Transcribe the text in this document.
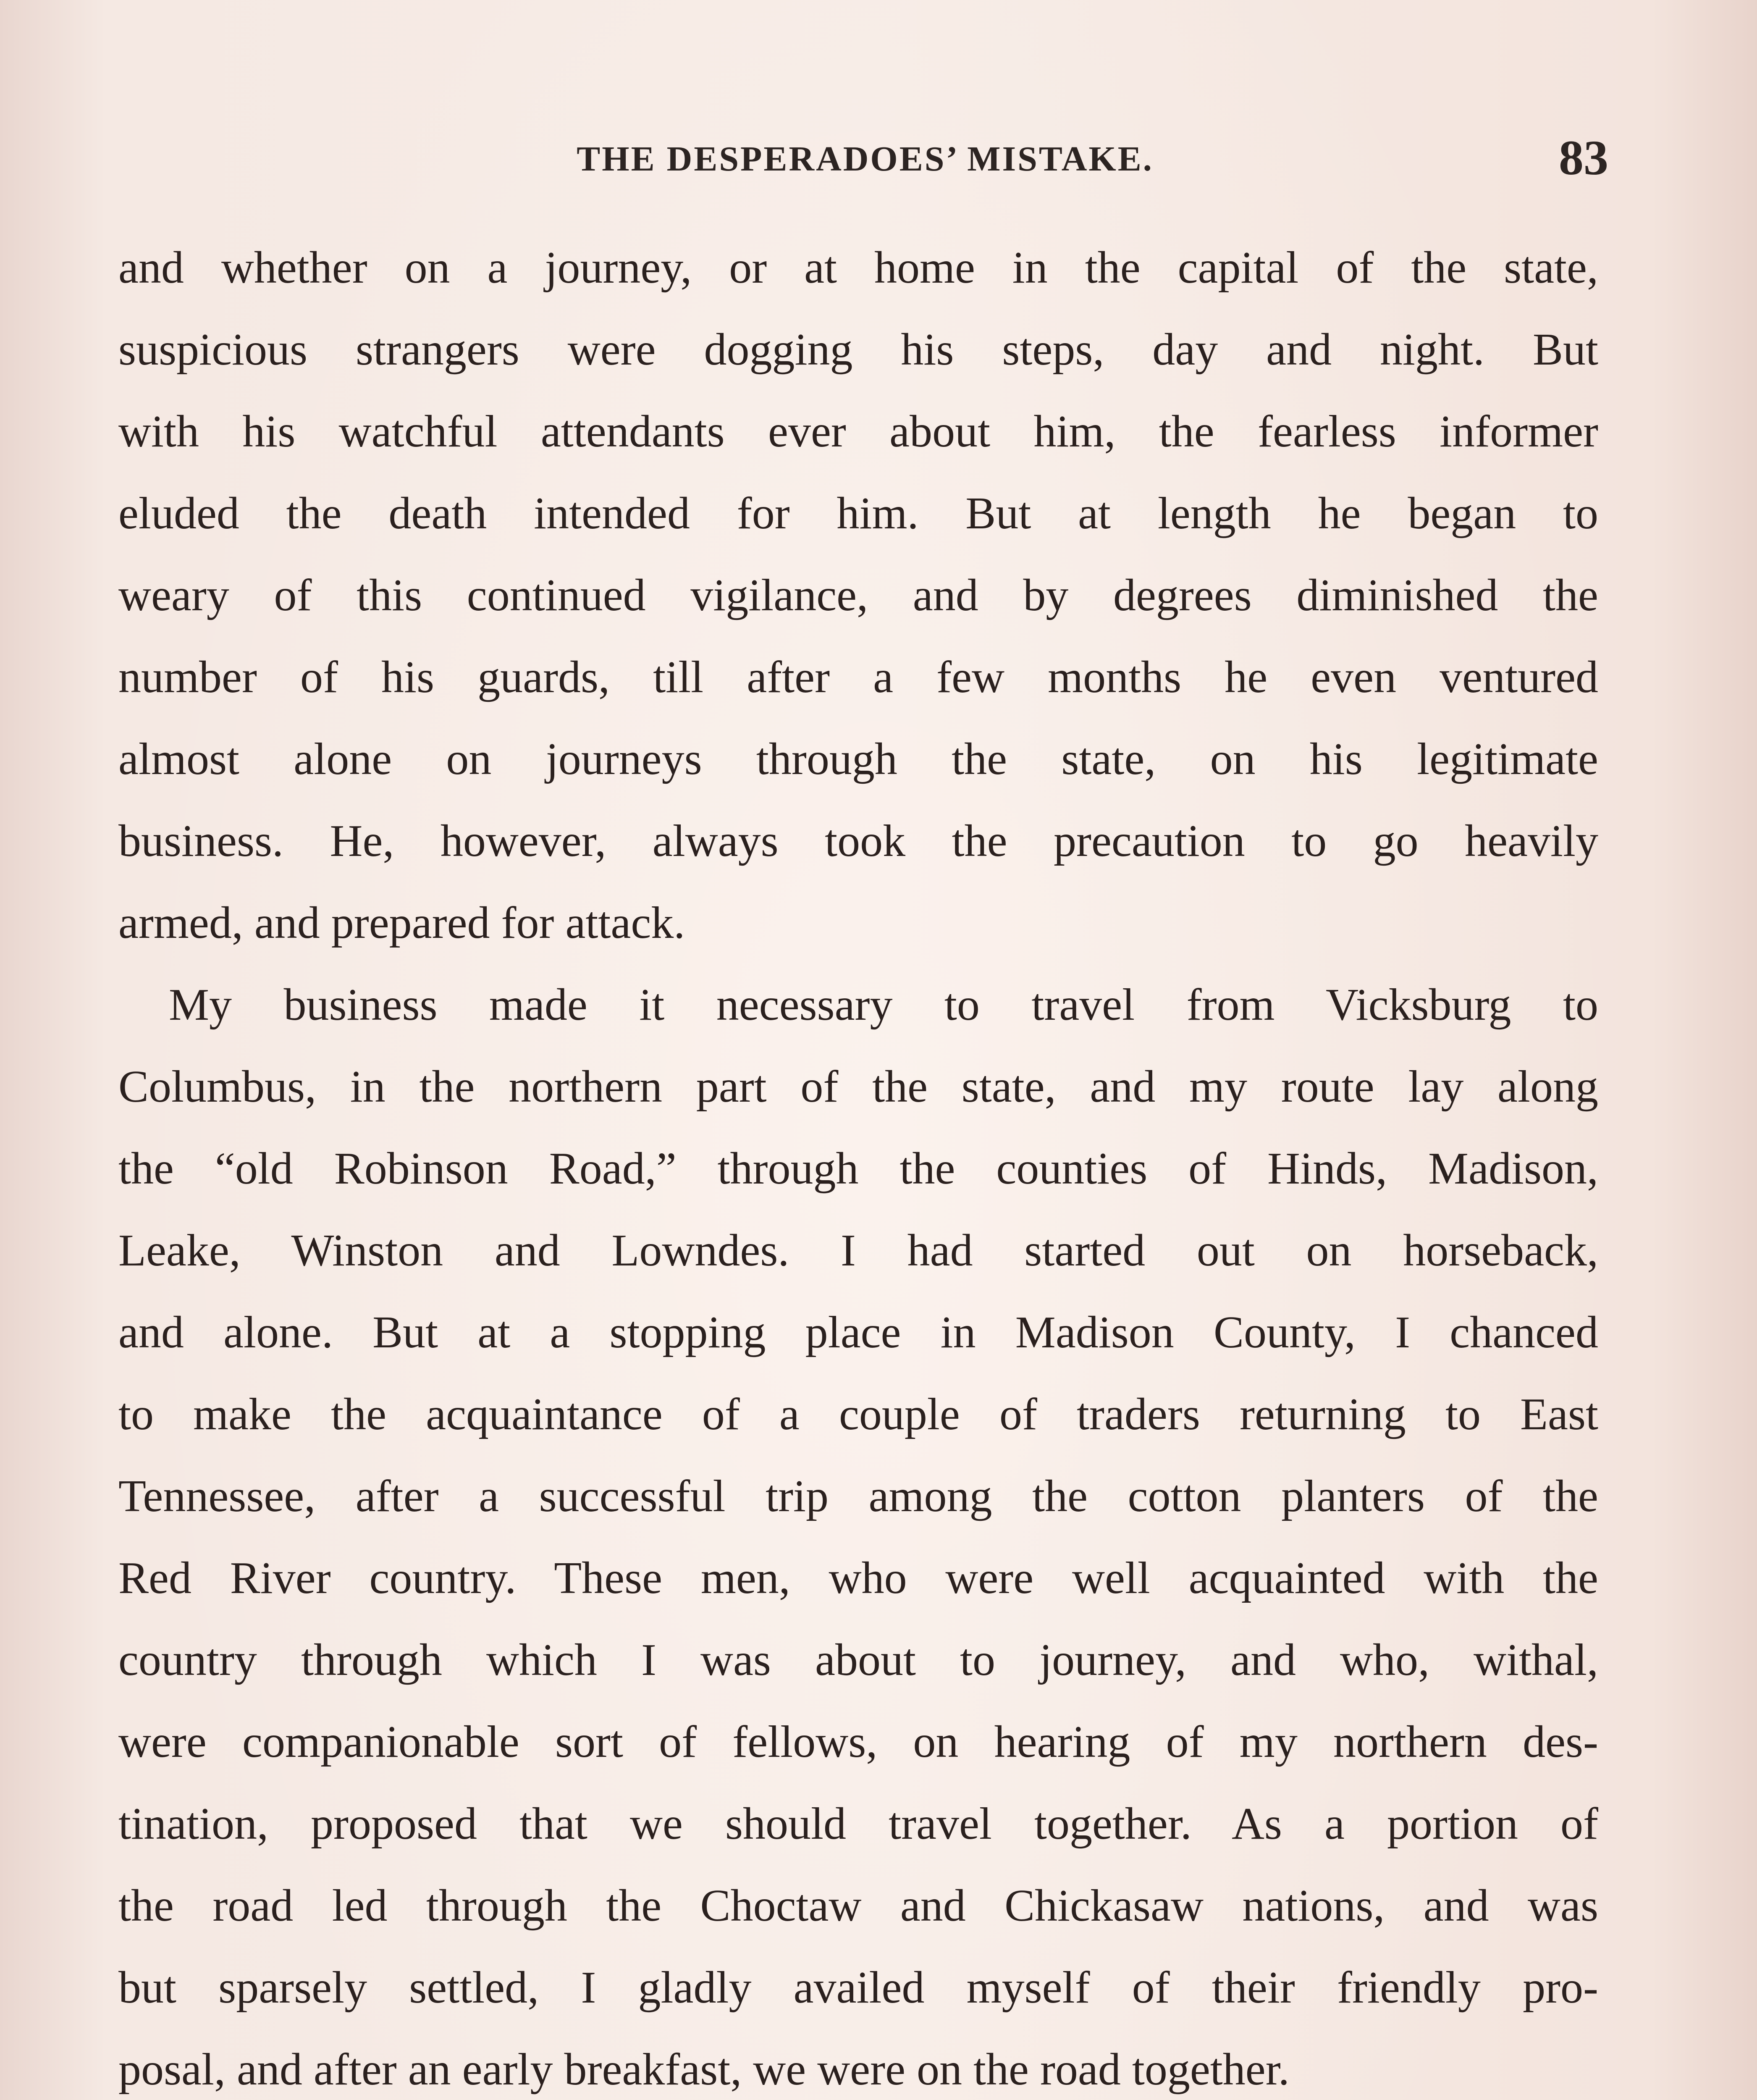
THE DESPERADOES’ MISTAKE.	83
and whether on a journey, or at home in the capital of the state,
suspicious strangers were dogging his steps, day and night. But
with his watchful attendants ever about him, the fearless informer
eluded the death intended for him. But at length he began to
weary of this continued vigilance, and by degrees diminished the
number of his guards, till after a few months he even ventured
almost alone on journeys through the state, on his legitimate
business. He, however, always took the precaution to go heavily
armed, and prepared for attack.
My business made it necessary to travel from Vicksburg to
Columbus, in the northern part of the state, and my route lay along
the “old Robinson Road,” through the counties of Hinds, Madison,
Leake, Winston and Lowndes. I had started out on horseback,
and alone. But at a stopping place in Madison County, I chanced
to make the acquaintance of a couple of traders returning to East
Tennessee, after a successful trip among the cotton planters of the
Red River country. These men, who were well acquainted with the
country through which I was about to journey, and who, withal,
were companionable sort of fellows, on hearing of my northern des-
tination, proposed that we should travel together. As a portion of
the road led through the Choctaw and Chickasaw nations, and was
but sparsely settled, I gladly availed myself of their friendly pro-
posal, and after an early breakfast, we were on the road together.
